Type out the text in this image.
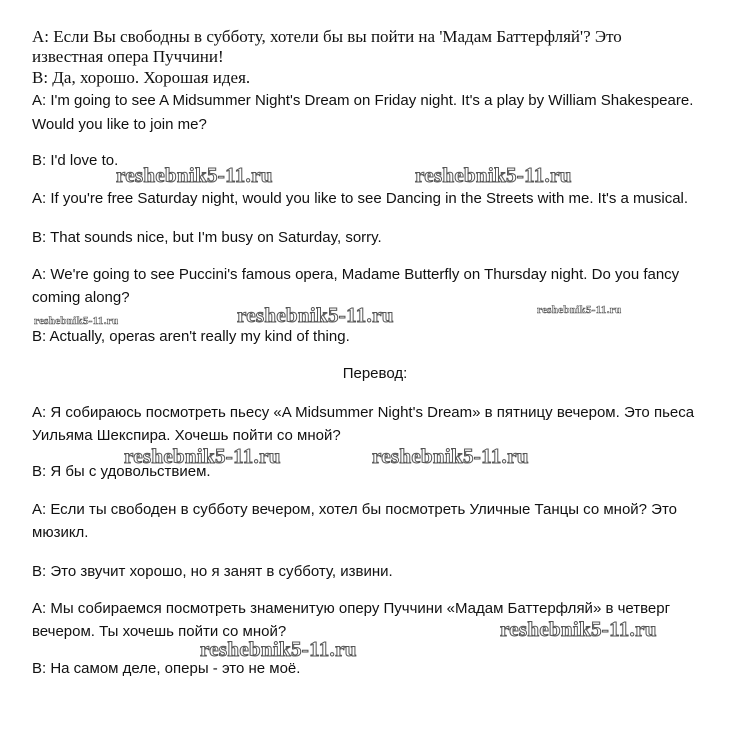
A: Если Вы свободны в субботу, хотели бы вы пойти на 'Мадам Баттерфляй'? Это
известная опера Пуччини!
B: Да, хорошо. Хорошая идея.
A: I'm going to see A Midsummer Night's Dream on Friday night. It's a play by William Shakespeare.
Would you like to join me?
B: I'd love to.
A: If you're free Saturday night, would you like to see Dancing in the Streets with me. It's a musical.
B: That sounds nice, but I'm busy on Saturday, sorry.
A: We're going to see Puccini's famous opera, Madame Butterfly on Thursday night. Do you fancy
coming along?
B: Actually, operas aren't really my kind of thing.
Перевод:
A: Я собираюсь посмотреть пьесу «A Midsummer Night's Dream» в пятницу вечером. Это пьеса
Уильяма Шекспира. Хочешь пойти со мной?
В: Я бы с удовольствием.
A: Если ты свободен в субботу вечером, хотел бы посмотреть Уличные Танцы со мной? Это
мюзикл.
B: Это звучит хорошо, но я занят в субботу, извини.
A: Мы собираемся посмотреть знаменитую оперу Пуччини «Мадам Баттерфляй» в четверг
вечером. Ты хочешь пойти со мной?
B: На самом деле, оперы - это не моё.
reshebnik5-11.ru	reshebnik5-11.ru
reshebnik5-11.ru	reshebnik5-11.ru	reshebnik5-11.ru
reshebnik5-11.ru	reshebnik5-11.ru
reshebnik5-11.ru
reshebnik5-11.ru
